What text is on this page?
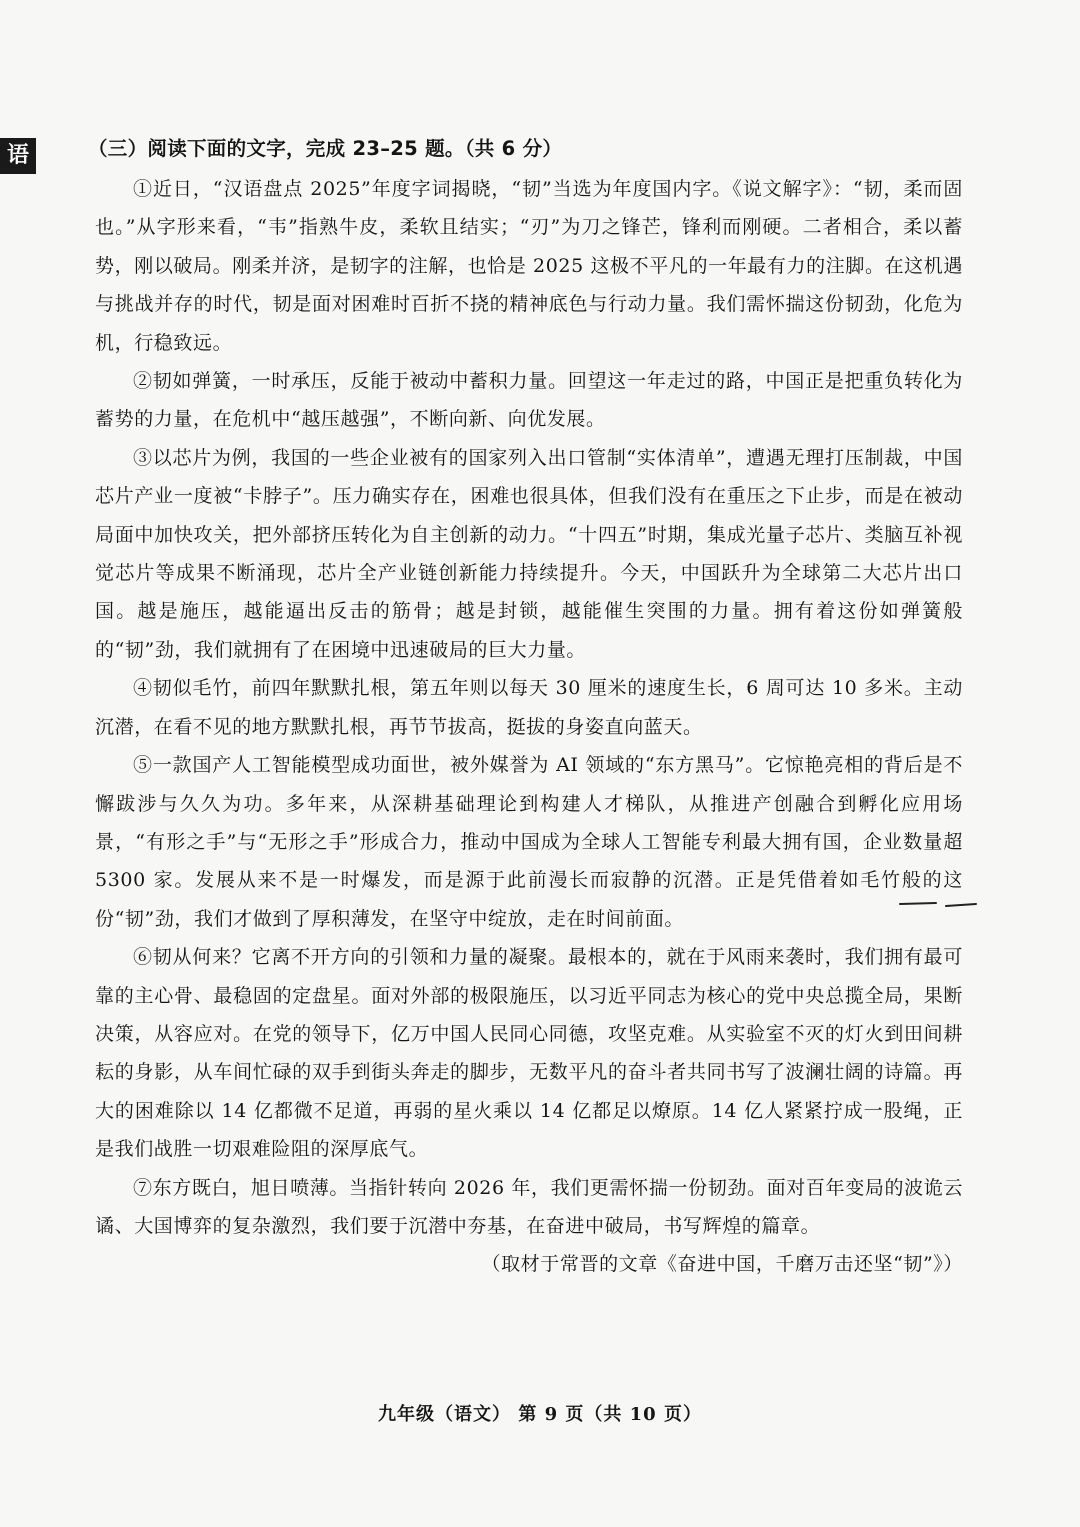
语	（三）阅读下面的文字，完成 23–25 题。（共 6 分）

①近日，“汉语盘点 2025”年度字词揭晓，“韧”当选为年度国内字。《说文解字》：“韧，柔而固也。”从字形来看，“韦”指熟牛皮，柔软且结实；“刃”为刀之锋芒，锋利而刚硬。二者相合，柔以蓄势，刚以破局。刚柔并济，是韧字的注解，也恰是 2025 这极不平凡的一年最有力的注脚。在这机遇与挑战并存的时代，韧是面对困难时百折不挠的精神底色与行动力量。我们需怀揣这份韧劲，化危为机，行稳致远。

②韧如弹簧，一时承压，反能于被动中蓄积力量。回望这一年走过的路，中国正是把重负转化为蓄势的力量，在危机中“越压越强”，不断向新、向优发展。

③以芯片为例，我国的一些企业被有的国家列入出口管制“实体清单”，遭遇无理打压制裁，中国芯片产业一度被“卡脖子”。压力确实存在，困难也很具体，但我们没有在重压之下止步，而是在被动局面中加快攻关，把外部挤压转化为自主创新的动力。“十四五”时期，集成光量子芯片、类脑互补视觉芯片等成果不断涌现，芯片全产业链创新能力持续提升。今天，中国跃升为全球第二大芯片出口国。越是施压，越能逼出反击的筋骨；越是封锁，越能催生突围的力量。拥有着这份如弹簧般的“韧”劲，我们就拥有了在困境中迅速破局的巨大力量。

④韧似毛竹，前四年默默扎根，第五年则以每天 30 厘米的速度生长，6 周可达 10 多米。主动沉潜，在看不见的地方默默扎根，再节节拔高，挺拔的身姿直向蓝天。

⑤一款国产人工智能模型成功面世，被外媒誉为 AI 领域的“东方黑马”。它惊艳亮相的背后是不懈跋涉与久久为功。多年来，从深耕基础理论到构建人才梯队，从推进产创融合到孵化应用场景，“有形之手”与“无形之手”形成合力，推动中国成为全球人工智能专利最大拥有国，企业数量超 5300 家。发展从来不是一时爆发，而是源于此前漫长而寂静的沉潜。正是凭借着如毛竹般的这份“韧”劲，我们才做到了厚积薄发，在坚守中绽放，走在时间前面。

⑥韧从何来？它离不开方向的引领和力量的凝聚。最根本的，就在于风雨来袭时，我们拥有最可靠的主心骨、最稳固的定盘星。面对外部的极限施压，以习近平同志为核心的党中央总揽全局，果断决策，从容应对。在党的领导下，亿万中国人民同心同德，攻坚克难。从实验室不灭的灯火到田间耕耘的身影，从车间忙碌的双手到街头奔走的脚步，无数平凡的奋斗者共同书写了波澜壮阔的诗篇。再大的困难除以 14 亿都微不足道，再弱的星火乘以 14 亿都足以燎原。14 亿人紧紧拧成一股绳，正是我们战胜一切艰难险阻的深厚底气。

⑦东方既白，旭日喷薄。当指针转向 2026 年，我们更需怀揣一份韧劲。面对百年变局的波诡云谲、大国博弈的复杂激烈，我们要于沉潜中夯基，在奋进中破局，书写辉煌的篇章。

（取材于常晋的文章《奋进中国，千磨万击还坚“韧”》）

九年级（语文） 第 9 页（共 10 页）
